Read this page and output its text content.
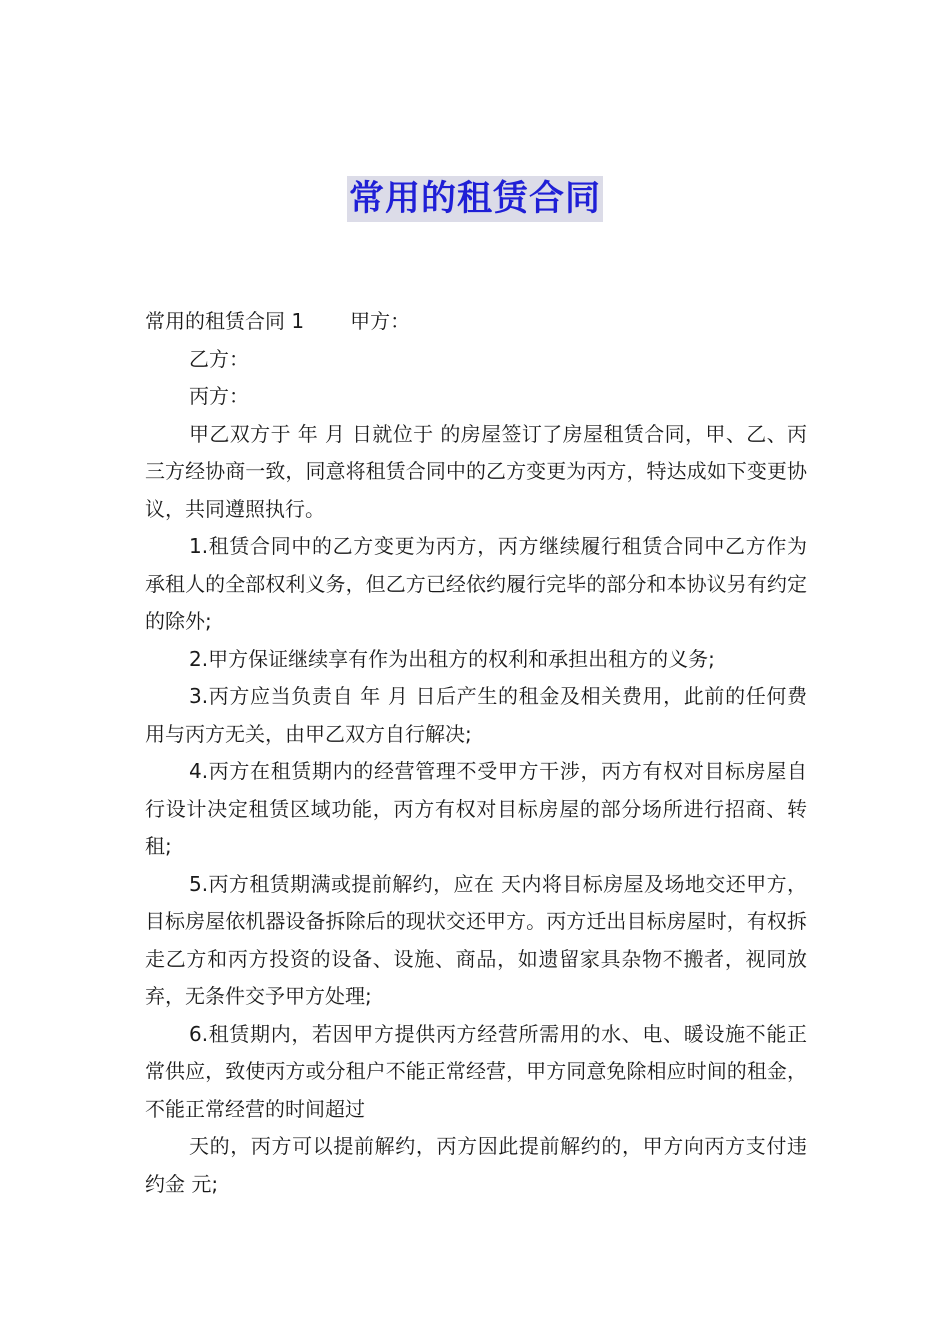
常用的租赁合同

常用的租赁合同 1 甲方：

乙方：

丙方：

甲乙双方于 年 月 日就位于 的房屋签订了房屋租赁合同，甲、乙、丙三方经协商一致，同意将租赁合同中的乙方变更为丙方，特达成如下变更协议，共同遵照执行。

1.租赁合同中的乙方变更为丙方，丙方继续履行租赁合同中乙方作为承租人的全部权利义务，但乙方已经依约履行完毕的部分和本协议另有约定的除外;

2.甲方保证继续享有作为出租方的权利和承担出租方的义务;

3.丙方应当负责自 年 月 日后产生的租金及相关费用，此前的任何费用与丙方无关，由甲乙双方自行解决;

4.丙方在租赁期内的经营管理不受甲方干涉，丙方有权对目标房屋自行设计决定租赁区域功能，丙方有权对目标房屋的部分场所进行招商、转租;

5.丙方租赁期满或提前解约，应在 天内将目标房屋及场地交还甲方，目标房屋依机器设备拆除后的现状交还甲方。丙方迁出目标房屋时，有权拆走乙方和丙方投资的设备、设施、商品，如遗留家具杂物不搬者，视同放弃，无条件交予甲方处理;

6.租赁期内，若因甲方提供丙方经营所需用的水、电、暖设施不能正常供应，致使丙方或分租户不能正常经营，甲方同意免除相应时间的租金，不能正常经营的时间超过

天的，丙方可以提前解约，丙方因此提前解约的，甲方向丙方支付违约金 元;
